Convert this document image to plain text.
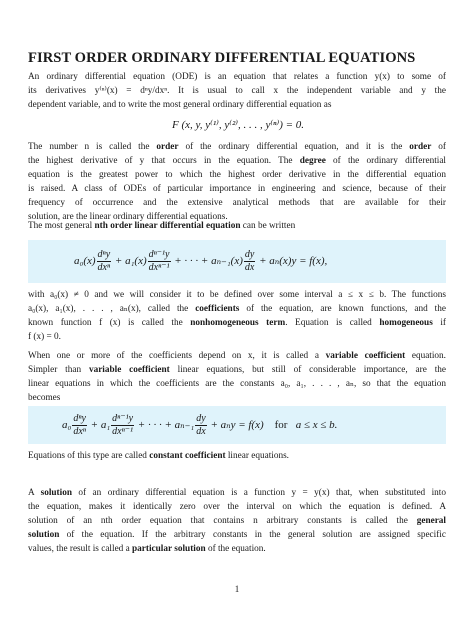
FIRST ORDER ORDINARY DIFFERENTIAL EQUATIONS

An ordinary differential equation (ODE) is an equation that relates a function y(x) to some of
its derivatives y⁽ⁿ⁾(x) = dⁿy/dxⁿ. It is usual to call x the independent variable and y the
dependent variable, and to write the most general ordinary differential equation as

F (x, y, y⁽¹⁾, y⁽²⁾, . . . , y⁽ⁿ⁾) = 0.

The number n is called the order of the ordinary differential equation, and it is the order of
the highest derivative of y that occurs in the equation. The degree of the ordinary differential
equation is the greatest power to which the highest order derivative in the differential equation
is raised. A class of ODEs of particular importance in engineering and science, because of their
frequency of occurrence and the extensive analytical methods that are available for their
solution, are the linear ordinary differential equations.

The most general nth order linear differential equation can be written

$a_0(x) \frac{\text{dⁿy}}{\text{dxⁿ}} + a_1(x) \frac{\text{dⁿ⁻¹y}}{\text{dxⁿ⁻¹}}$ + · · · + $a_{n-1}(x) \frac{dy}{dx} + a_n(x)y = f(x)$,

with a₀(x) ≠ 0 and we will consider it to be defined over some interval a ≤ x ≤ b. The functions
a₀(x), a₁(x), . . . , aₙ(x), called the coefficients of the equation, are known functions, and the
known function f (x) is called the nonhomogeneous term. Equation is called homogeneous if
f (x) = 0.

When one or more of the coefficients depend on x, it is called a variable coefficient equation.
Simpler than variable coefficient linear equations, but still of considerable importance, are the
linear equations in which the coefficients are the constants a₀, a₁, . . . , aₙ, so that the equation
becomes

$a_0 \frac{\text{dⁿy}}{\text{dxⁿ}} + a_1 \frac{\text{dⁿ⁻¹y}}{\text{dxⁿ⁻¹}}$ + · · · + $a_{n-1} \frac{dy}{dx} + a_ny = f(x)$ for a ≤ x ≤ b.

Equations of this type are called constant coefficient linear equations.

A solution of an ordinary differential equation is a function y = y(x) that, when substituted into
the equation, makes it identically zero over the interval on which the equation is defined. A
solution of an nth order equation that contains n arbitrary constants is called the general
solution of the equation. If the arbitrary constants in the general solution are assigned specific
values, the result is called a particular solution of the equation.

1
